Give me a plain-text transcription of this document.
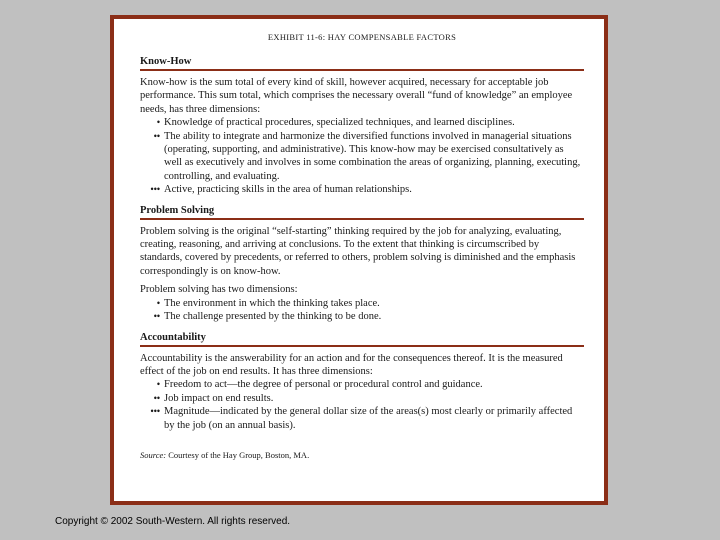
EXHIBIT 11-6: HAY COMPENSABLE FACTORS
Know-How

Know-how is the sum total of every kind of skill, however acquired, necessary for acceptable job performance. This sum total, which comprises the necessary overall “fund of knowledge” an employee needs, has three dimensions:

• Knowledge of practical procedures, specialized techniques, and learned disciplines.
•• The ability to integrate and harmonize the diversified functions involved in managerial situations (operating, supporting, and administrative). This know-how may be exercised consultatively as well as executively and involves in some combination the areas of organizing, planning, executing, controlling, and evaluating.
••• Active, practicing skills in the area of human relationships.
Problem Solving

Problem solving is the original “self-starting” thinking required by the job for analyzing, evaluating, creating, reasoning, and arriving at conclusions. To the extent that thinking is circumscribed by standards, covered by precedents, or referred to others, problem solving is diminished and the emphasis correspondingly is on know-how.

Problem solving has two dimensions:

• The environment in which the thinking takes place.
•• The challenge presented by the thinking to be done.
Accountability

Accountability is the answerability for an action and for the consequences thereof. It is the measured effect of the job on end results. It has three dimensions:

• Freedom to act—the degree of personal or procedural control and guidance.
•• Job impact on end results.
••• Magnitude—indicated by the general dollar size of the areas(s) most clearly or primarily affected by the job (on an annual basis).
Source: Courtesy of the Hay Group, Boston, MA.
Copyright © 2002 South-Western. All rights reserved.
